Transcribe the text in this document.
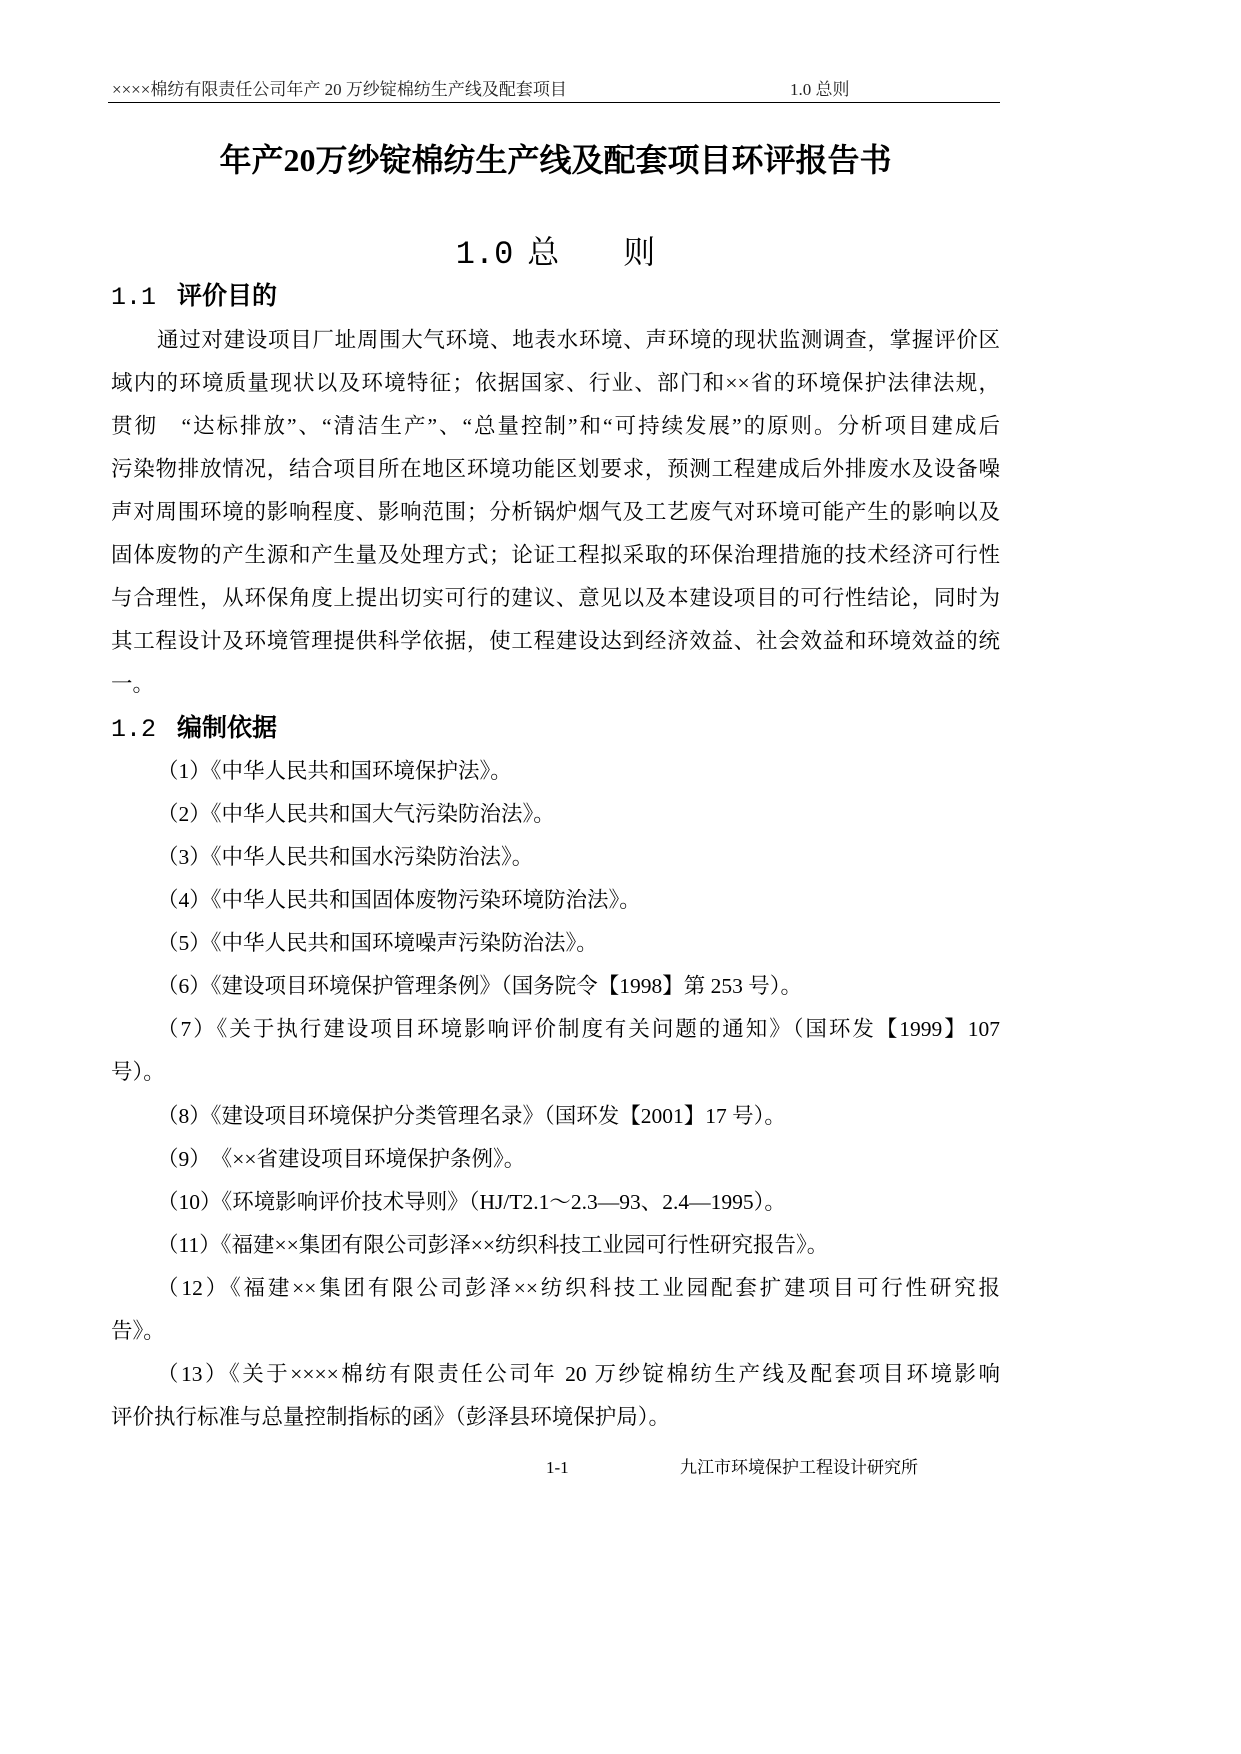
××××棉纺有限责任公司年产 20 万纱锭棉纺生产线及配套项目	1.0 总则
年产20万纱锭棉纺生产线及配套项目环评报告书
1.0 总　　则
1.1 评价目的
通过对建设项目厂址周围大气环境、地表水环境、声环境的现状监测调查，掌握评价区
域内的环境质量现状以及环境特征；依据国家、行业、部门和××省的环境保护法律法规，
贯彻　“达标排放”、“清洁生产”、“总量控制”和“可持续发展”的原则。分析项目建成后
污染物排放情况，结合项目所在地区环境功能区划要求，预测工程建成后外排废水及设备噪
声对周围环境的影响程度、影响范围；分析锅炉烟气及工艺废气对环境可能产生的影响以及
固体废物的产生源和产生量及处理方式；论证工程拟采取的环保治理措施的技术经济可行性
与合理性，从环保角度上提出切实可行的建议、意见以及本建设项目的可行性结论，同时为
其工程设计及环境管理提供科学依据，使工程建设达到经济效益、社会效益和环境效益的统
一。
1.2 编制依据
（1）《中华人民共和国环境保护法》。
（2）《中华人民共和国大气污染防治法》。
（3）《中华人民共和国水污染防治法》。
（4）《中华人民共和国固体废物污染环境防治法》。
（5）《中华人民共和国环境噪声污染防治法》。
（6）《建设项目环境保护管理条例》（国务院令【1998】第 253 号）。
（7）《关于执行建设项目环境影响评价制度有关问题的通知》（国环发【1999】107
号）。
（8）《建设项目环境保护分类管理名录》（国环发【2001】17 号）。
（9）　《××省建设项目环境保护条例》。
（10）《环境影响评价技术导则》（HJ/T2.1～2.3—93、2.4—1995）。
（11）《福建××集团有限公司彭泽××纺织科技工业园可行性研究报告》。
（12）《福建××集团有限公司彭泽××纺织科技工业园配套扩建项目可行性研究报
告》。
（13）《关于××××棉纺有限责任公司年 20 万纱锭棉纺生产线及配套项目环境影响
评价执行标准与总量控制指标的函》（彭泽县环境保护局）。
1-1	九江市环境保护工程设计研究所
